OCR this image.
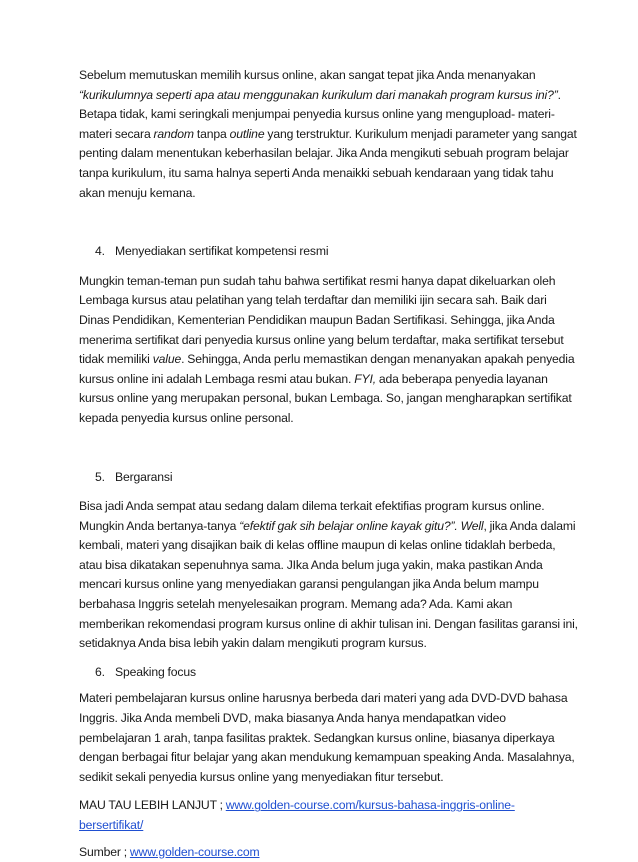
Sebelum memutuskan memilih kursus online, akan sangat tepat jika Anda menanyakan “kurikulumnya seperti apa atau menggunakan kurikulum dari manakah program kursus ini?”. Betapa tidak, kami seringkali menjumpai penyedia kursus online yang mengupload- materi-materi secara random tanpa outline yang terstruktur. Kurikulum menjadi parameter yang sangat penting dalam menentukan keberhasilan belajar. Jika Anda mengikuti sebuah program belajar tanpa kurikulum, itu sama halnya seperti Anda menaikki sebuah kendaraan yang tidak tahu akan menuju kemana.

4. Menyediakan sertifikat kompetensi resmi

Mungkin teman-teman pun sudah tahu bahwa sertifikat resmi hanya dapat dikeluarkan oleh Lembaga kursus atau pelatihan yang telah terdaftar dan memiliki ijin secara sah. Baik dari Dinas Pendidikan, Kementerian Pendidikan maupun Badan Sertifikasi. Sehingga, jika Anda menerima sertifikat dari penyedia kursus online yang belum terdaftar, maka sertifikat tersebut tidak memiliki value. Sehingga, Anda perlu memastikan dengan menanyakan apakah penyedia kursus online ini adalah Lembaga resmi atau bukan. FYI, ada beberapa penyedia layanan kursus online yang merupakan personal, bukan Lembaga. So, jangan mengharapkan sertifikat kepada penyedia kursus online personal.

5. Bergaransi

Bisa jadi Anda sempat atau sedang dalam dilema terkait efektifias program kursus online. Mungkin Anda bertanya-tanya “efektif gak sih belajar online kayak gitu?”. Well, jika Anda dalami kembali, materi yang disajikan baik di kelas offline maupun di kelas online tidaklah berbeda, atau bisa dikatakan sepenuhnya sama. JIka Anda belum juga yakin, maka pastikan Anda mencari kursus online yang menyediakan garansi pengulangan jika Anda belum mampu berbahasa Inggris setelah menyelesaikan program. Memang ada? Ada. Kami akan memberikan rekomendasi program kursus online di akhir tulisan ini. Dengan fasilitas garansi ini, setidaknya Anda bisa lebih yakin dalam mengikuti program kursus.

6. Speaking focus

Materi pembelajaran kursus online harusnya berbeda dari materi yang ada DVD-DVD bahasa Inggris. Jika Anda membeli DVD, maka biasanya Anda hanya mendapatkan video pembelajaran 1 arah, tanpa fasilitas praktek. Sedangkan kursus online, biasanya diperkaya dengan berbagai fitur belajar yang akan mendukung kemampuan speaking Anda. Masalahnya, sedikit sekali penyedia kursus online yang menyediakan fitur tersebut.

MAU TAU LEBIH LANJUT ; www.golden-course.com/kursus-bahasa-inggris-online-bersertifikat/

Sumber ; www.golden-course.com
